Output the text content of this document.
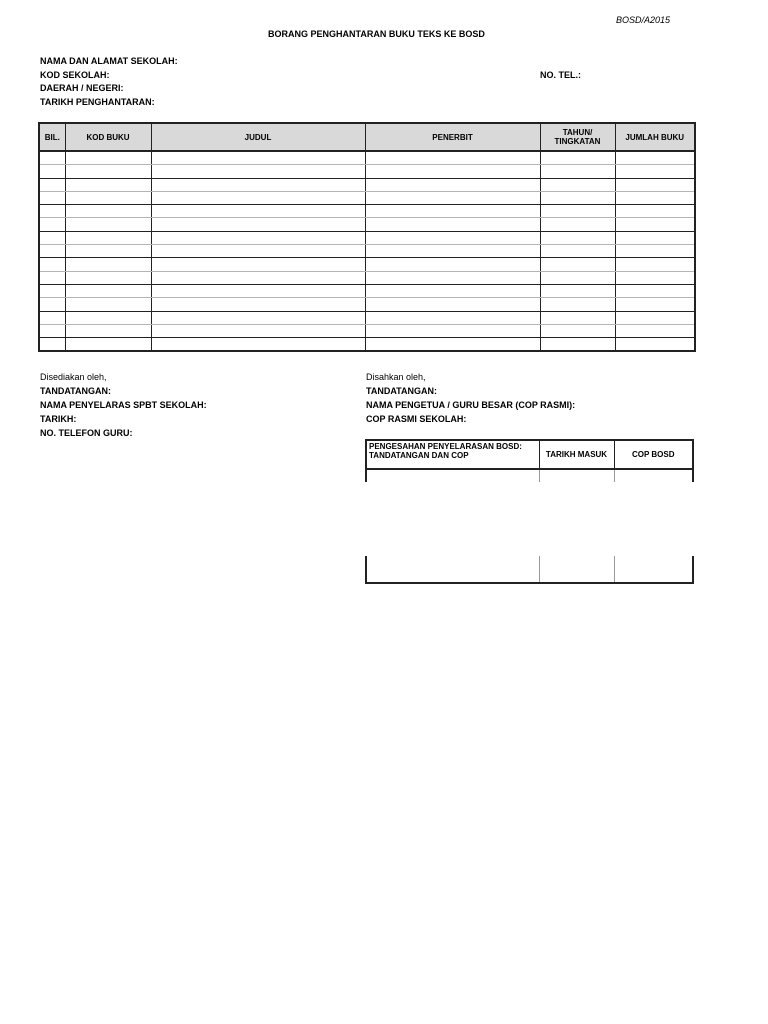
BOSD/A2015
BORANG PENGHANTARAN BUKU TEKS KE BOSD
NAMA DAN ALAMAT SEKOLAH:
KOD SEKOLAH:	NO. TEL.:
DAERAH / NEGERI:
TARIKH PENGHANTARAN:
BIL.	KOD BUKU	JUDUL	PENERBIT	TAHUN/ TINGKATAN	JUMLAH BUKU

Disediakan oleh,
TANDATANGAN:
NAMA PENYELARAS SPBT SEKOLAH:
TARIKH:
NO. TELEFON GURU:
Disahkan oleh,
TANDATANGAN:
NAMA PENGETUA / GURU BESAR (COP RASMI):
COP RASMI SEKOLAH:
PENGESAHAN PENYELARASAN BOSD: TANDATANGAN DAN COP	TARIKH MASUK	COP BOSD
